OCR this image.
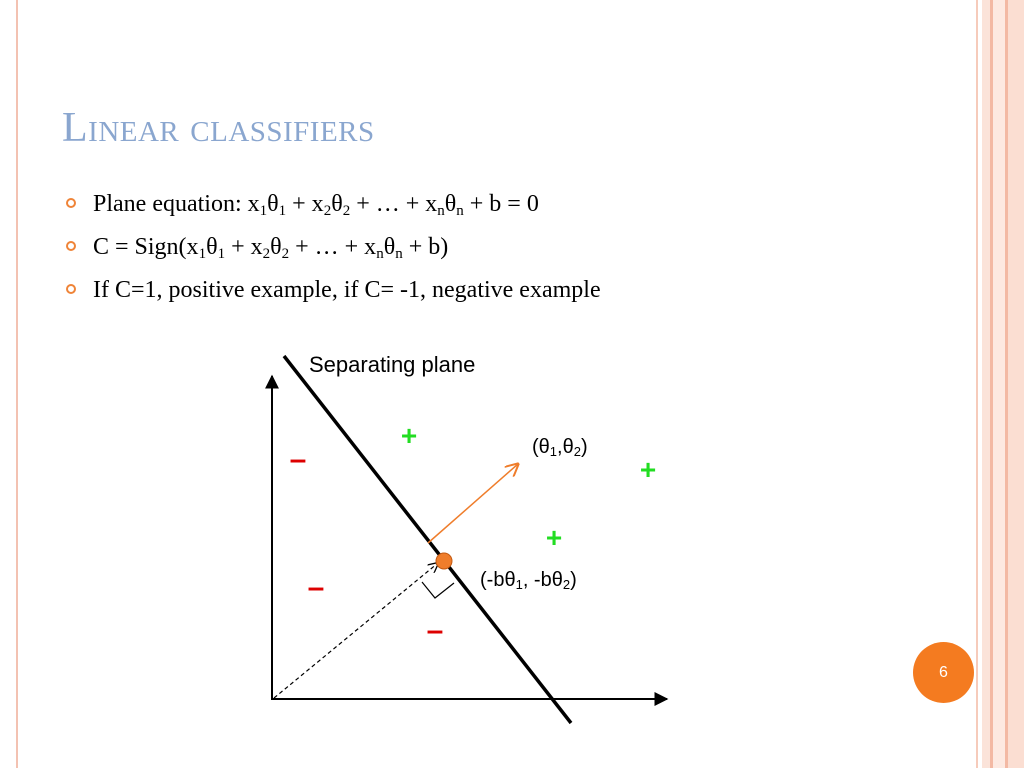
Linear classifiers
Plane equation: $x_1\theta_1 + x_2\theta_2$ + … + $x_n\theta_n + b = 0$
$C = Sign(x_1\theta_1 + x_2\theta_2$ + … + $x_n\theta_n + b$)
If C=1, positive example, if C= -1, negative example
Separating plane
(θ1,θ2)
(-bθ1, -bθ2)
+
+
+
–
–
–
6
